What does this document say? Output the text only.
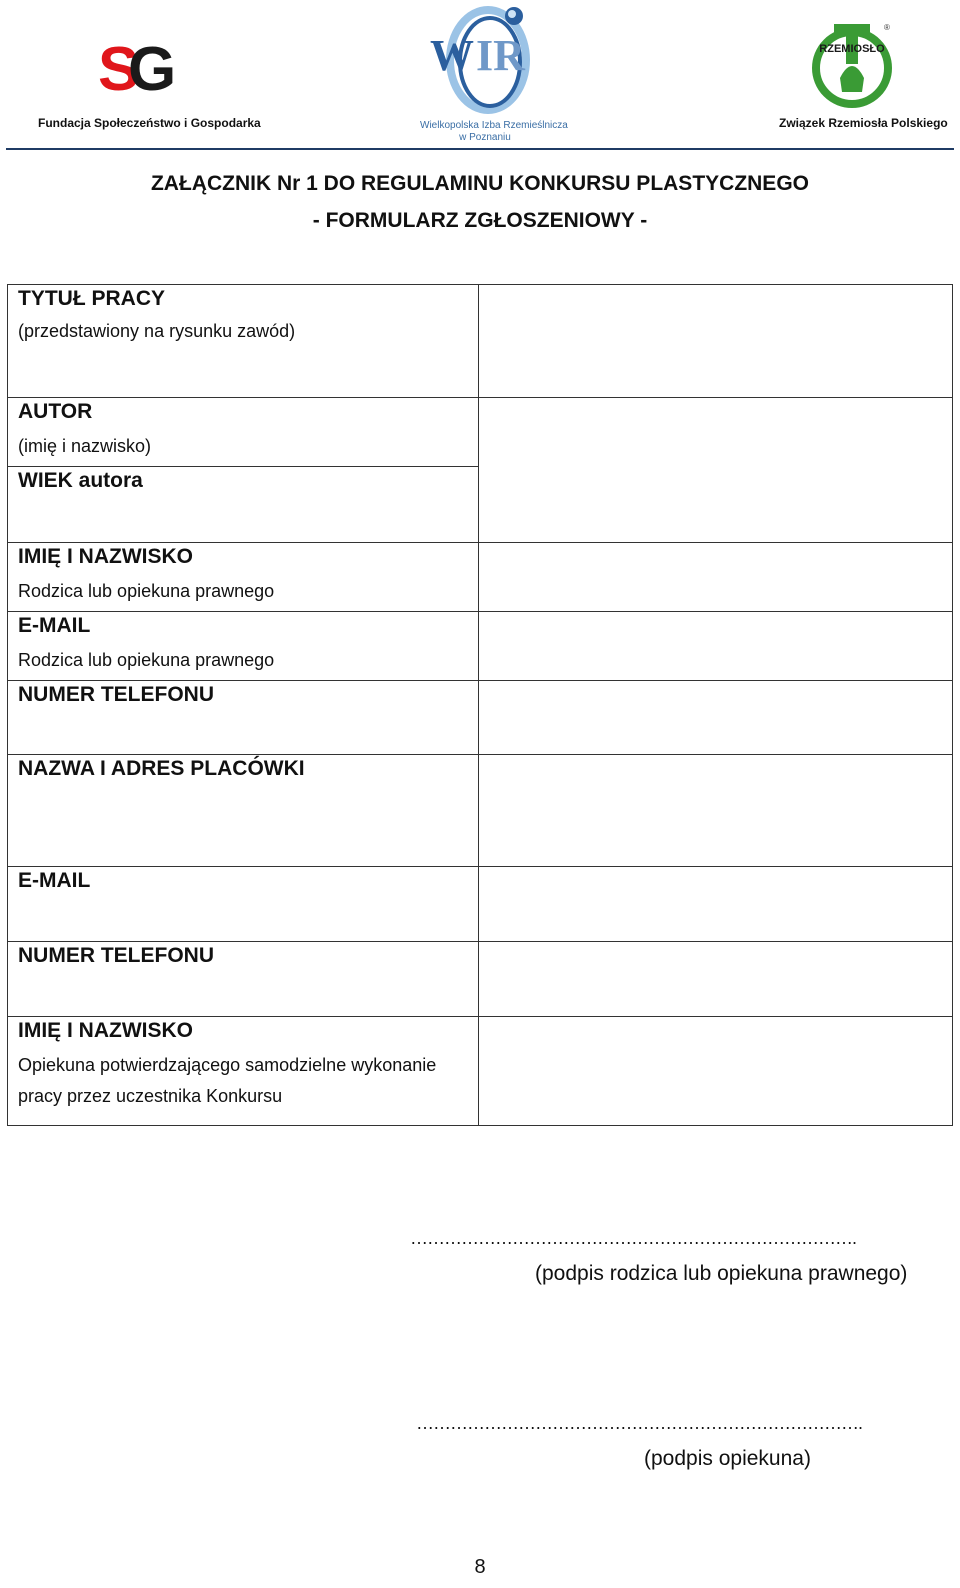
S
G
Fundacja Społeczeństwo i Gospodarka
W IR
Wielkopolska Izba Rzemieślnicza
w Poznaniu
RZEMIOSŁO
®
Związek Rzemiosła Polskiego
ZAŁĄCZNIK Nr 1 DO REGULAMINU KONKURSU PLASTYCZNEGO
- FORMULARZ ZGŁOSZENIOWY -
TYTUŁ PRACY
(przedstawiony na rysunku zawód)
AUTOR
(imię i nazwisko)
WIEK autora
IMIĘ I NAZWISKO
Rodzica lub opiekuna prawnego
E-MAIL
Rodzica lub opiekuna prawnego
NUMER TELEFONU
NAZWA I ADRES PLACÓWKI
E-MAIL
NUMER TELEFONU
IMIĘ I NAZWISKO
Opiekuna potwierdzającego samodzielne wykonanie
pracy przez uczestnika Konkursu
…………………………………………………………………….
(podpis rodzica lub opiekuna prawnego)
…………………………………………………………………….
(podpis opiekuna)
8
